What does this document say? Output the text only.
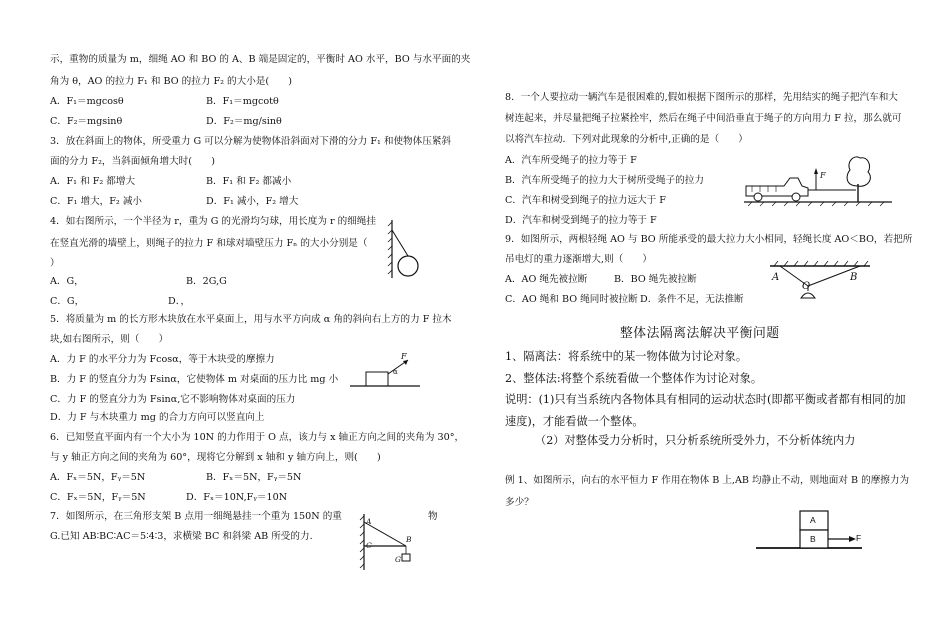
示，重物的质量为 m，细绳 AO 和 BO 的 A、B 端是固定的，平衡时 AO 水平，BO 与水平面的夹
角为 θ，AO 的拉力 F₁ 和 BO 的拉力 F₂ 的大小是(　　)
A．F₁＝mgcosθ	B．F₁＝mgcotθ
C．F₂＝mgsinθ	D．F₂＝mg/sinθ
3．放在斜面上的物体，所受重力 G 可以分解为使物体沿斜面对下滑的分力 F₁ 和使物体压紧斜
面的分力 F₂，当斜面倾角增大时(　　)
A．F₁ 和 F₂ 都增大	B．F₁ 和 F₂ 都减小
C．F₁ 增大，F₂ 减小	D．F₁ 减小，F₂ 增大
4．如右图所示，一个半径为 r，重为 G 的光滑均匀球，用长度为 r 的细绳挂
在竖直光滑的墙壁上，则绳子的拉力 F 和球对墙壁压力 Fₙ 的大小分别是（
）
A．G，	B．2G,G
C．G，	D．，
5．将质量为 m 的长方形木块放在水平桌面上，用与水平方向成 α 角的斜向右上方的力 F 拉木
块,如右图所示，则（　　）
A．力 F 的水平分力为 Fcosα，等于木块受的摩擦力
B．力 F 的竖直分力为 Fsinα，它使物体 m 对桌面的压力比 mg 小
C．力 F 的竖直分力为 Fsinα,它不影响物体对桌面的压力
D．力 F 与木块重力 mg 的合力方向可以竖直向上
F
α
6．已知竖直平面内有一个大小为 10N 的力作用于 O 点，该力与 x 轴正方向之间的夹角为 30°，
与 y 轴正方向之间的夹角为 60°，现将它分解到 x 轴和 y 轴方向上，则(　　)
A．Fₓ＝5N，Fᵧ＝5N	B．Fₓ＝5N，Fᵧ＝5N
C．Fₓ＝5N，Fᵧ＝5N	D．Fₓ＝10N,Fᵧ＝10N
7．如图所示，在三角形支架 B 点用一细绳悬挂一个重为 150N 的重	物
G.已知 AB∶BC∶AC＝5∶4∶3，求横梁 BC 和斜梁 AB 所受的力.
A
B
C
G
8．一个人要拉动一辆汽车是很困难的,假如根据下图所示的那样，先用结实的绳子把汽车和大
树连起来，并尽量把绳子拉紧拴牢，然后在绳子中间沿垂直于绳子的方向用力 F 拉，那么就可
以将汽车拉动．下列对此现象的分析中,正确的是（　　）
A．汽车所受绳子的拉力等于 F
B．汽车所受绳子的拉力大于树所受绳子的拉力
C．汽车和树受到绳子的拉力远大于 F
D．汽车和树受到绳子的拉力等于 F
F
9．如图所示，两根轻绳 AO 与 BO 所能承受的最大拉力大小相同，轻绳长度 AO＜BO，若把所
吊电灯的重力逐渐增大,则（　　）
A．AO 绳先被拉断	B．BO 绳先被拉断
C．AO 绳和 BO 绳同时被拉断 D．条件不足，无法推断
A
O
B
整体法隔离法解决平衡问题
1、隔离法：将系统中的某一物体做为讨论对象。
2、整体法:将整个系统看做一个整体作为讨论对象。
说明：(1)只有当系统内各物体具有相同的运动状态时(即都平衡或者都有相同的加
速度)，才能看做一个整体。
（2）对整体受力分析时，只分析系统所受外力，不分析体统内力
例 1、如图所示，向右的水平恒力 F 作用在物体 B 上,AB 均静止不动，则地面对 B 的摩擦力为
多少？
A
B	F
